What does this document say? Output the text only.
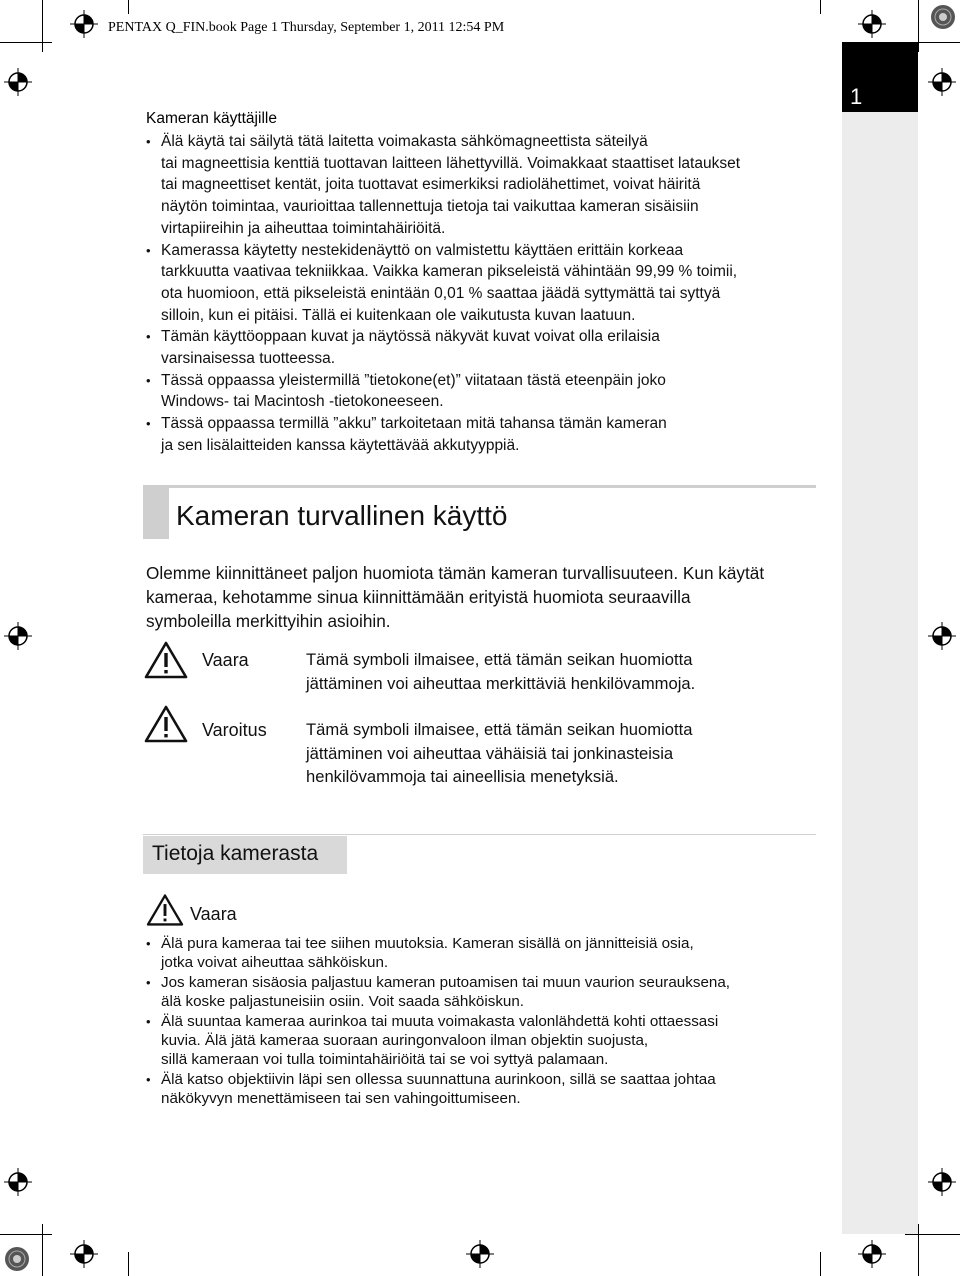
PENTAX Q_FIN.book Page 1 Thursday, September 1, 2011 12:54 PM
1
Kameran käyttäjille
• Älä käytä tai säilytä tätä laitetta voimakasta sähkömagneettista säteilyä
tai magneettisia kenttiä tuottavan laitteen lähettyvillä. Voimakkaat staattiset lataukset
tai magneettiset kentät, joita tuottavat esimerkiksi radiolähettimet, voivat häiritä
näytön toimintaa, vaurioittaa tallennettuja tietoja tai vaikuttaa kameran sisäisiin
virtapiireihin ja aiheuttaa toimintahäiriöitä.
• Kamerassa käytetty nestekidenäyttö on valmistettu käyttäen erittäin korkeaa
tarkkuutta vaativaa tekniikkaa. Vaikka kameran pikseleistä vähintään 99,99 % toimii,
ota huomioon, että pikseleistä enintään 0,01 % saattaa jäädä syttymättä tai syttyä
silloin, kun ei pitäisi. Tällä ei kuitenkaan ole vaikutusta kuvan laatuun.
• Tämän käyttöoppaan kuvat ja näytössä näkyvät kuvat voivat olla erilaisia
varsinaisessa tuotteessa.
• Tässä oppaassa yleistermillä ”tietokone(et)” viitataan tästä eteenpäin joko
Windows- tai Macintosh -tietokoneeseen.
• Tässä oppaassa termillä ”akku” tarkoitetaan mitä tahansa tämän kameran
ja sen lisälaitteiden kanssa käytettävää akkutyyppiä.
Kameran turvallinen käyttö
Olemme kiinnittäneet paljon huomiota tämän kameran turvallisuuteen. Kun käytät
kameraa, kehotamme sinua kiinnittämään erityistä huomiota seuraavilla
symboleilla merkittyihin asioihin.
Vaara	Tämä symboli ilmaisee, että tämän seikan huomiotta
jättäminen voi aiheuttaa merkittäviä henkilövammoja.
Varoitus Tämä symboli ilmaisee, että tämän seikan huomiotta
jättäminen voi aiheuttaa vähäisiä tai jonkinasteisia
henkilövammoja tai aineellisia menetyksiä.
Tietoja kamerasta
Vaara
• Älä pura kameraa tai tee siihen muutoksia. Kameran sisällä on jännitteisiä osia,
jotka voivat aiheuttaa sähköiskun.
• Jos kameran sisäosia paljastuu kameran putoamisen tai muun vaurion seurauksena,
älä koske paljastuneisiin osiin. Voit saada sähköiskun.
• Älä suuntaa kameraa aurinkoa tai muuta voimakasta valonlähdettä kohti ottaessasi
kuvia. Älä jätä kameraa suoraan auringonvaloon ilman objektin suojusta,
sillä kameraan voi tulla toimintahäiriöitä tai se voi syttyä palamaan.
• Älä katso objektiivin läpi sen ollessa suunnattuna aurinkoon, sillä se saattaa johtaa
näkökyvyn menettämiseen tai sen vahingoittumiseen.
